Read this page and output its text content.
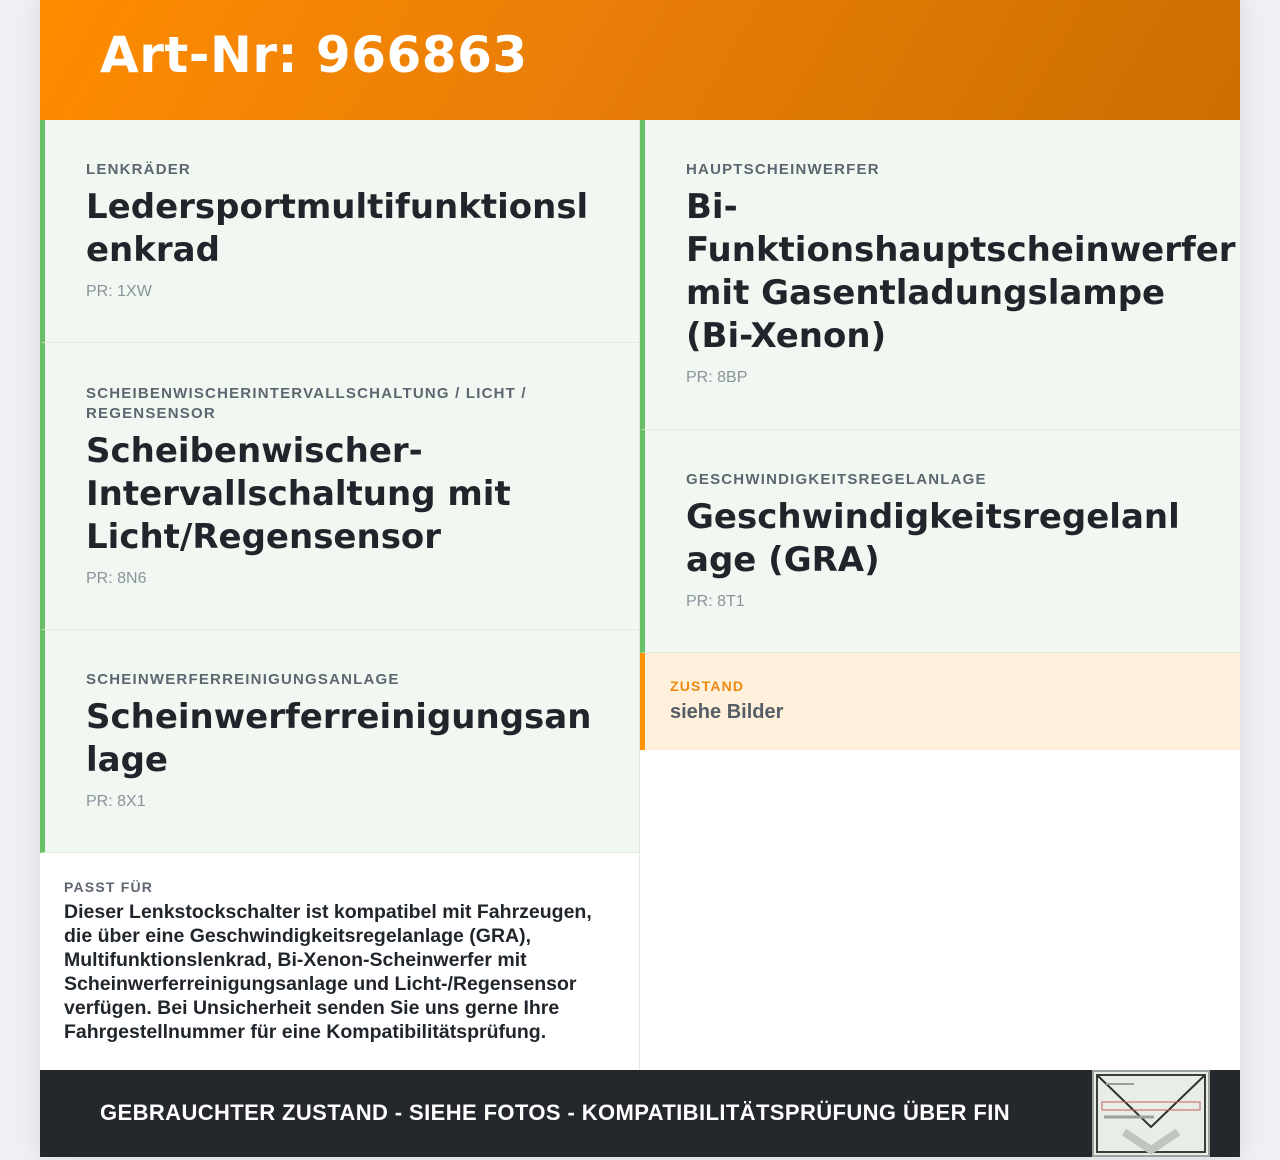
Art-Nr: 966863
LENKRÄDER
Ledersportmultifunktionslenkrad
PR: 1XW
SCHEIBENWISCHERINTERVALLSCHALTUNG / LICHT / REGENSENSOR
Scheibenwischer-Intervallschaltung mit Licht/Regensensor
PR: 8N6
SCHEINWERFERREINIGUNGSANLAGE
Scheinwerferreinigungsanlage
PR: 8X1
PASST FÜR
Dieser Lenkstockschalter ist kompatibel mit Fahrzeugen, die über eine Geschwindigkeitsregelanlage (GRA), Multifunktionslenkrad, Bi-Xenon-Scheinwerfer mit Scheinwerferreinigungsanlage und Licht-/Regensensor verfügen. Bei Unsicherheit senden Sie uns gerne Ihre Fahrgestellnummer für eine Kompatibilitätsprüfung.
HAUPTSCHEINWERFER
Bi-Funktionshauptscheinwerfer mit Gasentladungslampe (Bi-Xenon)
PR: 8BP
GESCHWINDIGKEITSREGELANLAGE
Geschwindigkeitsregelanlage (GRA)
PR: 8T1
ZUSTAND
siehe Bilder
GEBRAUCHTER ZUSTAND - SIEHE FOTOS - KOMPATIBILITÄTSPRÜFUNG ÜBER FIN
